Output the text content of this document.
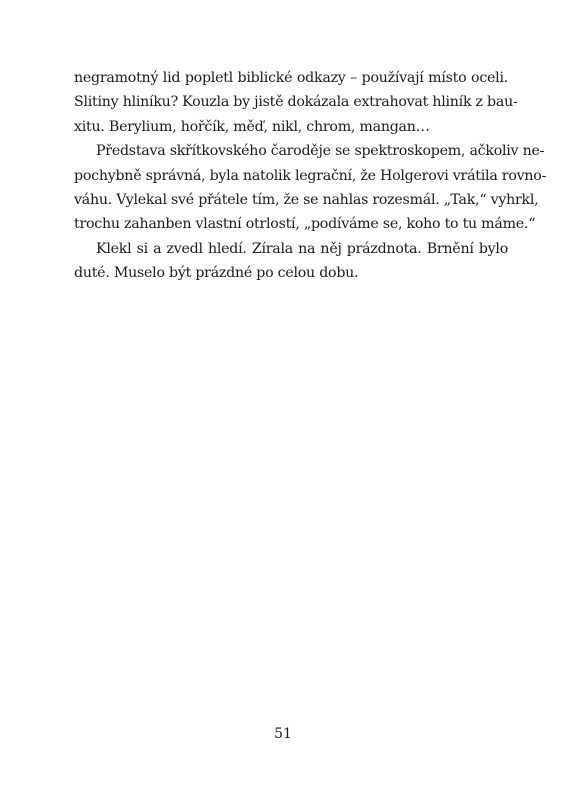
negramotný lid popletl biblické odkazy – používají místo oceli.
Slitiny hliníku? Kouzla by jistě dokázala extrahovat hliník z bau-
xitu. Berylium, hořčík, měď, nikl, chrom, mangan…
Představa skřítkovského čaroděje se spektroskopem, ačkoliv ne-
pochybně správná, byla natolik legrační, že Holgerovi vrátila rovno-
váhu. Vylekal své přátele tím, že se nahlas rozesmál. „Tak,“ vyhrkl,
trochu zahanben vlastní otrlostí, „podíváme se, koho to tu máme.“
Klekl si a zvedl hledí. Zírala na něj prázdnota. Brnění bylo
duté. Muselo být prázdné po celou dobu.
51
